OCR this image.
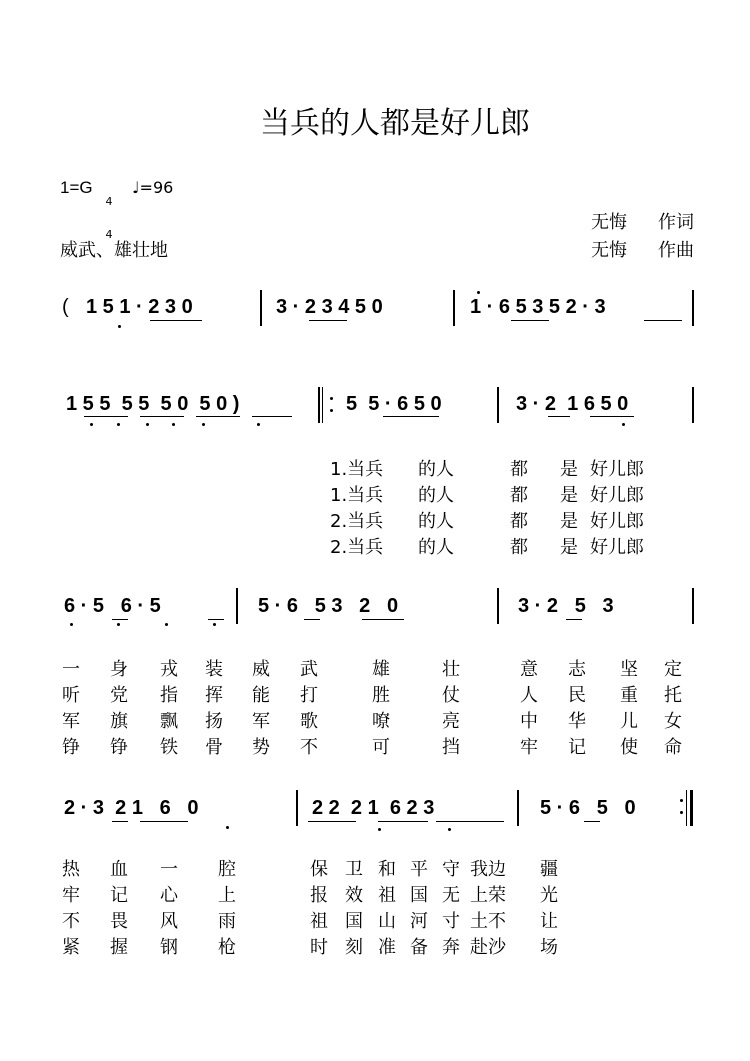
当兵的人都是好儿郎
1=G

4

4

♩=96
无悔 作词
威武、雄壮地	无悔 作曲
( 1 5 1 · 2 3 0	3 · 2 3 4 5 0	1 · 6 5 3 5 2 · 3
1 5 5  5 5  5 0  5 0 )	5  5 · 6 5 0	3 · 2  1 6 5 0
1.当兵 的人	都 是 好儿郎
1.当兵 的人	都 是 好儿郎
2.当兵 的人	都 是 好儿郎
2.当兵 的人	都 是 好儿郎
6 · 5   6 · 5	5 · 6   5 3   2   0	3 · 2   5   3
一 身 戎 装 威 武	雄	壮	意 志 坚 定
听 党 指 挥 能 打	胜	仗	人 民 重 托
军 旗 飘 扬 军 歌	嘹	亮	中 华 儿 女
铮 铮 铁 骨 势 不	可	挡	牢 记 使 命
2 · 3  2 1   6   0	2 2  2 1  6 2 3	5 · 6   5   0
热 血 一 腔	保 卫 和 平 守 我边 疆
牢 记 心 上	报 效 祖 国 无 上荣 光
不 畏 风 雨	祖 国 山 河 寸 土不 让
紧 握 钢 枪	时 刻 准 备 奔 赴沙 场
